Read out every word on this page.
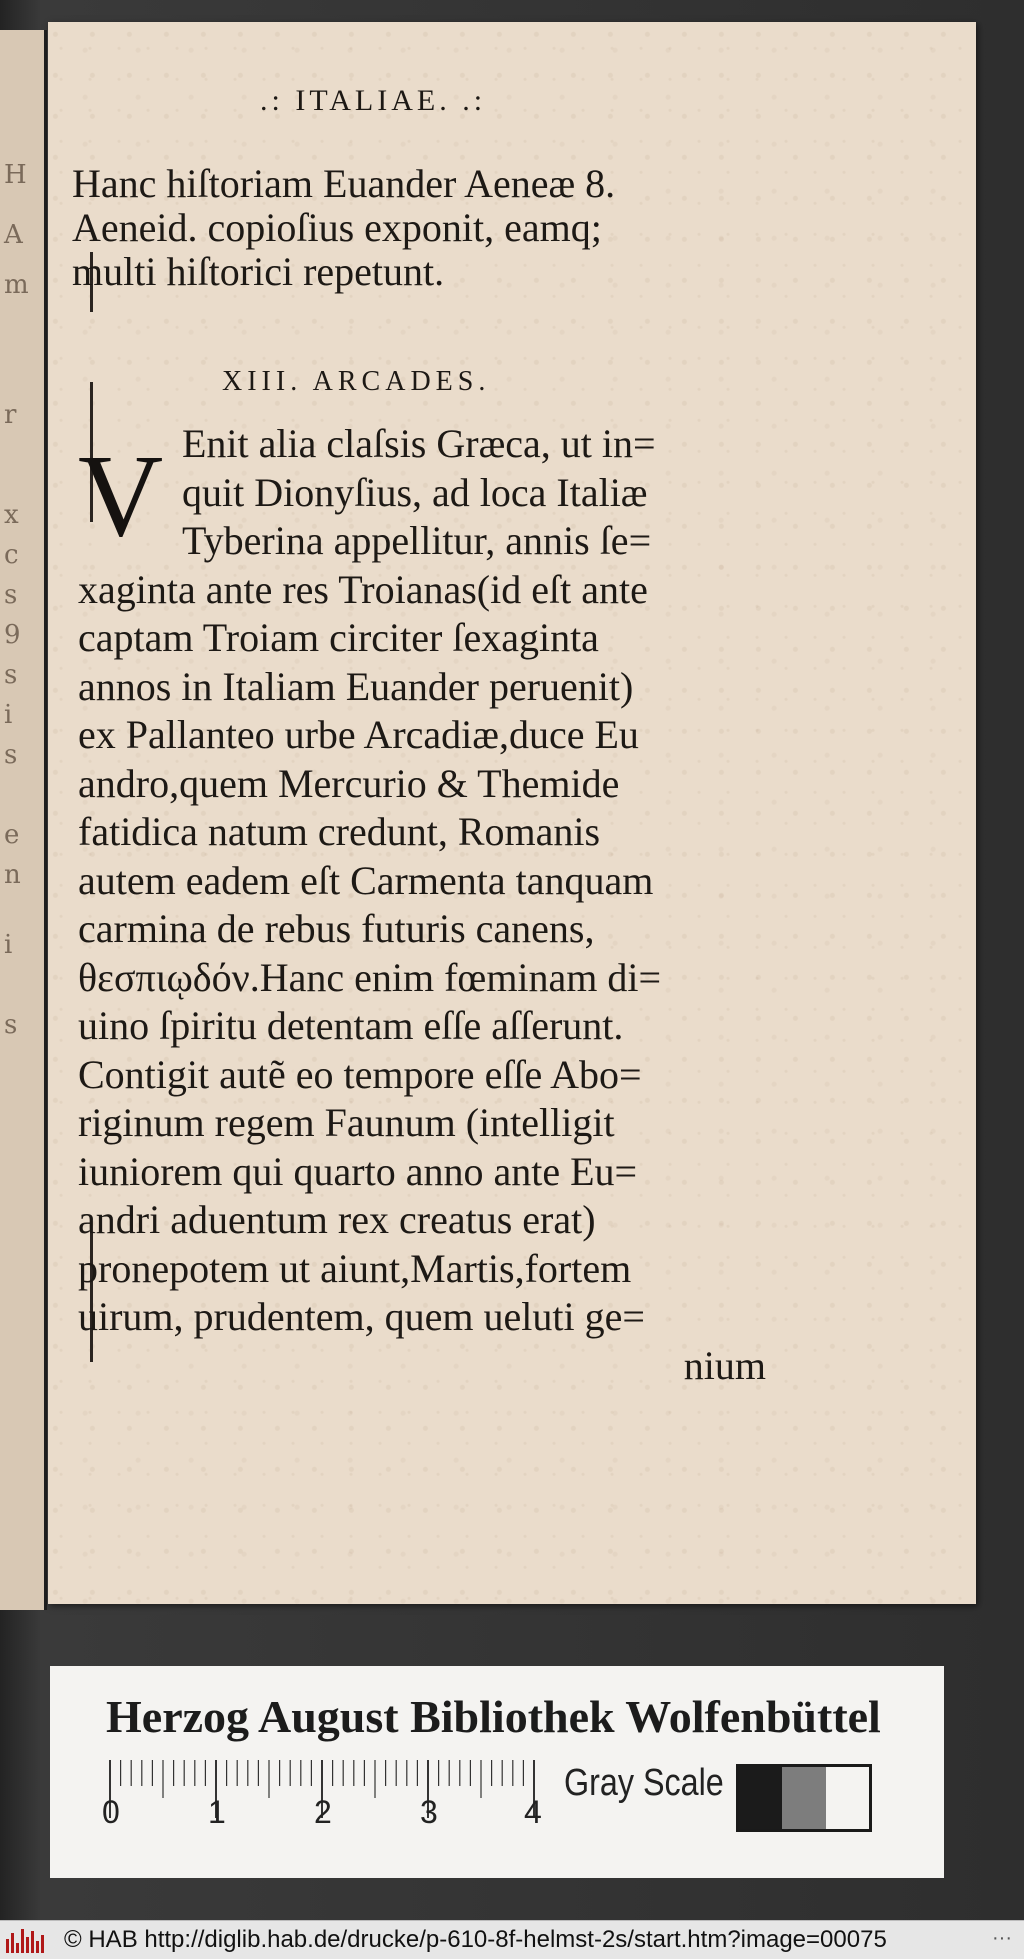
H
A
m
r
x
c
s
9
s
i
s
e
n
i
s
.: ITALIAE. .:
Hanc hiſtoriam Euander Aeneæ 8.
Aeneid. copioſius exponit, eamq;
multi hiſtorici repetunt.
XIII. ARCADES.
V Enit alia claſsis Græca, ut in=
quit Dionyſius, ad loca Italiæ
Tyberina appellitur, annis ſe=
xaginta ante res Troianas(id eſt ante
captam Troiam circiter ſexaginta
annos in Italiam Euander peruenit)
ex Pallanteo urbe Arcadiæ,duce Eu
andro,quem Mercurio & Themide
fatidica natum credunt, Romanis
autem eadem eſt Carmenta tanquam
carmina de rebus futuris canens,
θεσπιῳδόν.Hanc enim fœminam di=
uino ſpiritu detentam eſſe aſſerunt.
Contigit autẽ eo tempore eſſe Abo=
riginum regem Faunum (intelligit
iuniorem qui quarto anno ante Eu=
andri aduentum rex creatus erat)
pronepotem ut aiunt,Martis,fortem
uirum, prudentem, quem ueluti ge=
nium
Herzog August Bibliothek Wolfenbüttel
0	1	2	3	4
Gray Scale
© HAB http://diglib.hab.de/drucke/p-610-8f-helmst-2s/start.htm?image=00075	···
